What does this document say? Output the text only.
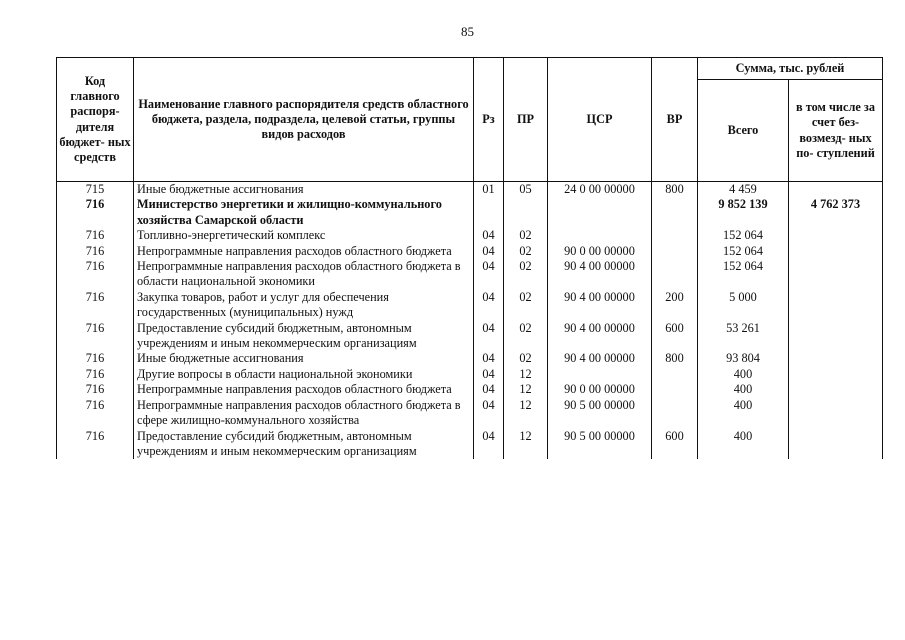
85
Код главного распоря- дителя бюджет- ных средств	Наименование главного распорядителя средств областного бюджета, раздела, подраздела, целевой статьи, группы видов расходов	Рз	ПР	ЦСР	ВР	Сумма, тыс. рублей	
						Всего	в том числе за счет без- возмезд- ных по- ступлений
715	Иные бюджетные ассигнования	01	05	24 0 00 00000	800	4 459	
716	Министерство энергетики и жилищно-коммунального хозяйства Самарской области					9 852 139	4 762 373
716	Топливно-энергетический комплекс	04	02			152 064	
716	Непрограммные направления расходов областного бюджета	04	02	90 0 00 00000		152 064	
716	Непрограммные направления расходов областного бюджета в области национальной экономики	04	02	90 4 00 00000		152 064	
716	Закупка товаров, работ и услуг для обеспечения государственных (муниципальных) нужд	04	02	90 4 00 00000	200	5 000	
716	Предоставление субсидий бюджетным, автономным учреждениям и иным некоммерческим организациям	04	02	90 4 00 00000	600	53 261	
716	Иные бюджетные ассигнования	04	02	90 4 00 00000	800	93 804	
716	Другие вопросы в области национальной экономики	04	12			400	
716	Непрограммные направления расходов областного бюджета	04	12	90 0 00 00000		400	
716	Непрограммные направления расходов областного бюджета в сфере жилищно-коммунального хозяйства	04	12	90 5 00 00000		400	
716	Предоставление субсидий бюджетным, автономным учреждениям и иным некоммерческим организациям	04	12	90 5 00 00000	600	400	
